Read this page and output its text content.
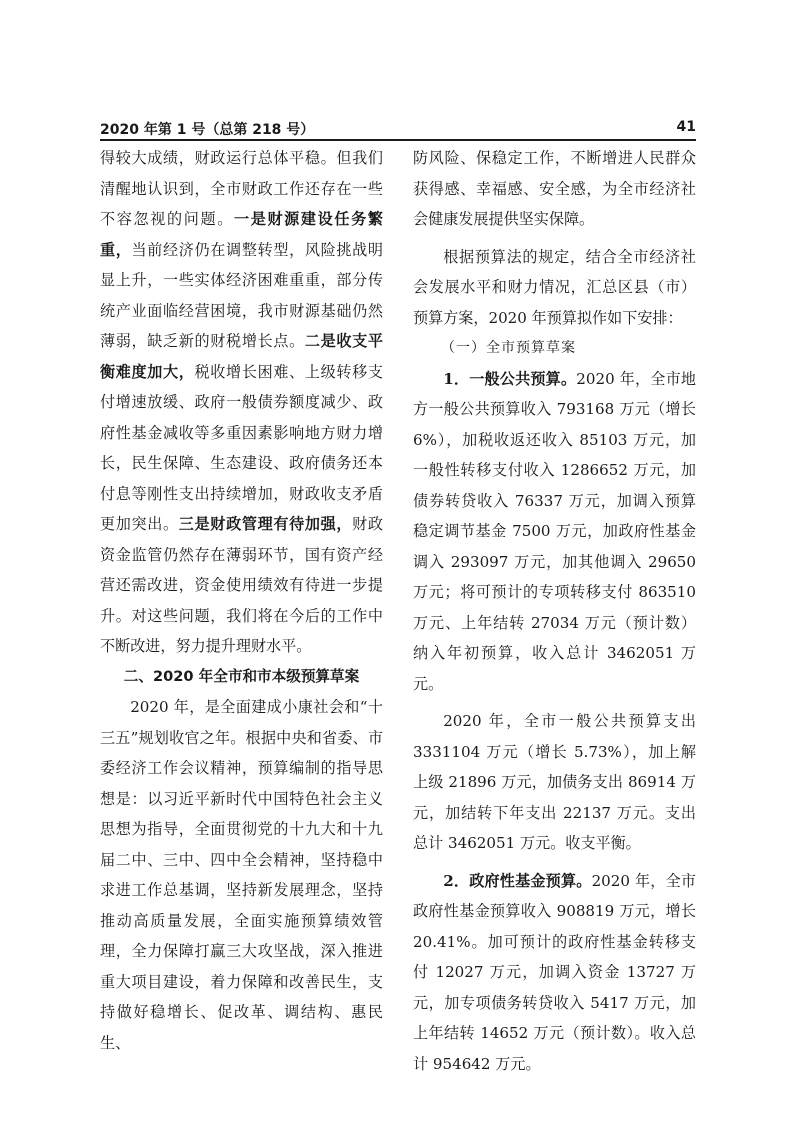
2020 年第 1 号（总第 218 号）	41

得较大成绩，财政运行总体平稳。但我们清醒地认识到，全市财政工作还存在一些不容忽视的问题。一是财源建设任务繁重，当前经济仍在调整转型，风险挑战明显上升，一些实体经济困难重重，部分传统产业面临经营困境，我市财源基础仍然薄弱，缺乏新的财税增长点。二是收支平衡难度加大，税收增长困难、上级转移支付增速放缓、政府一般债券额度减少、政府性基金减收等多重因素影响地方财力增长，民生保障、生态建设、政府债务还本付息等刚性支出持续增加，财政收支矛盾更加突出。三是财政管理有待加强，财政资金监管仍然存在薄弱环节，国有资产经营还需改进，资金使用绩效有待进一步提升。对这些问题，我们将在今后的工作中不断改进，努力提升理财水平。

二、2020 年全市和市本级预算草案

2020 年，是全面建成小康社会和“十三五”规划收官之年。根据中央和省委、市委经济工作会议精神，预算编制的指导思想是：以习近平新时代中国特色社会主义思想为指导，全面贯彻党的十九大和十九届二中、三中、四中全会精神，坚持稳中求进工作总基调，坚持新发展理念，坚持推动高质量发展，全面实施预算绩效管理，全力保障打赢三大攻坚战，深入推进重大项目建设，着力保障和改善民生，支持做好稳增长、促改革、调结构、惠民生、

防风险、保稳定工作，不断增进人民群众获得感、幸福感、安全感，为全市经济社会健康发展提供坚实保障。

根据预算法的规定，结合全市经济社会发展水平和财力情况，汇总区县（市）预算方案，2020 年预算拟作如下安排：

（一）全市预算草案

1．一般公共预算。2020 年，全市地方一般公共预算收入 793168 万元（增长 6%），加税收返还收入 85103 万元，加一般性转移支付收入 1286652 万元，加债券转贷收入 76337 万元，加调入预算稳定调节基金 7500 万元，加政府性基金调入 293097 万元，加其他调入 29650 万元；将可预计的专项转移支付 863510 万元、上年结转 27034 万元（预计数）纳入年初预算，收入总计 3462051 万元。

2020 年，全市一般公共预算支出 3331104 万元（增长 5.73%），加上解上级 21896 万元，加债务支出 86914 万元，加结转下年支出 22137 万元。支出总计 3462051 万元。收支平衡。

2．政府性基金预算。2020 年，全市政府性基金预算收入 908819 万元，增长 20.41%。加可预计的政府性基金转移支付 12027 万元，加调入资金 13727 万元，加专项债务转贷收入 5417 万元，加上年结转 14652 万元（预计数）。收入总计 954642 万元。
